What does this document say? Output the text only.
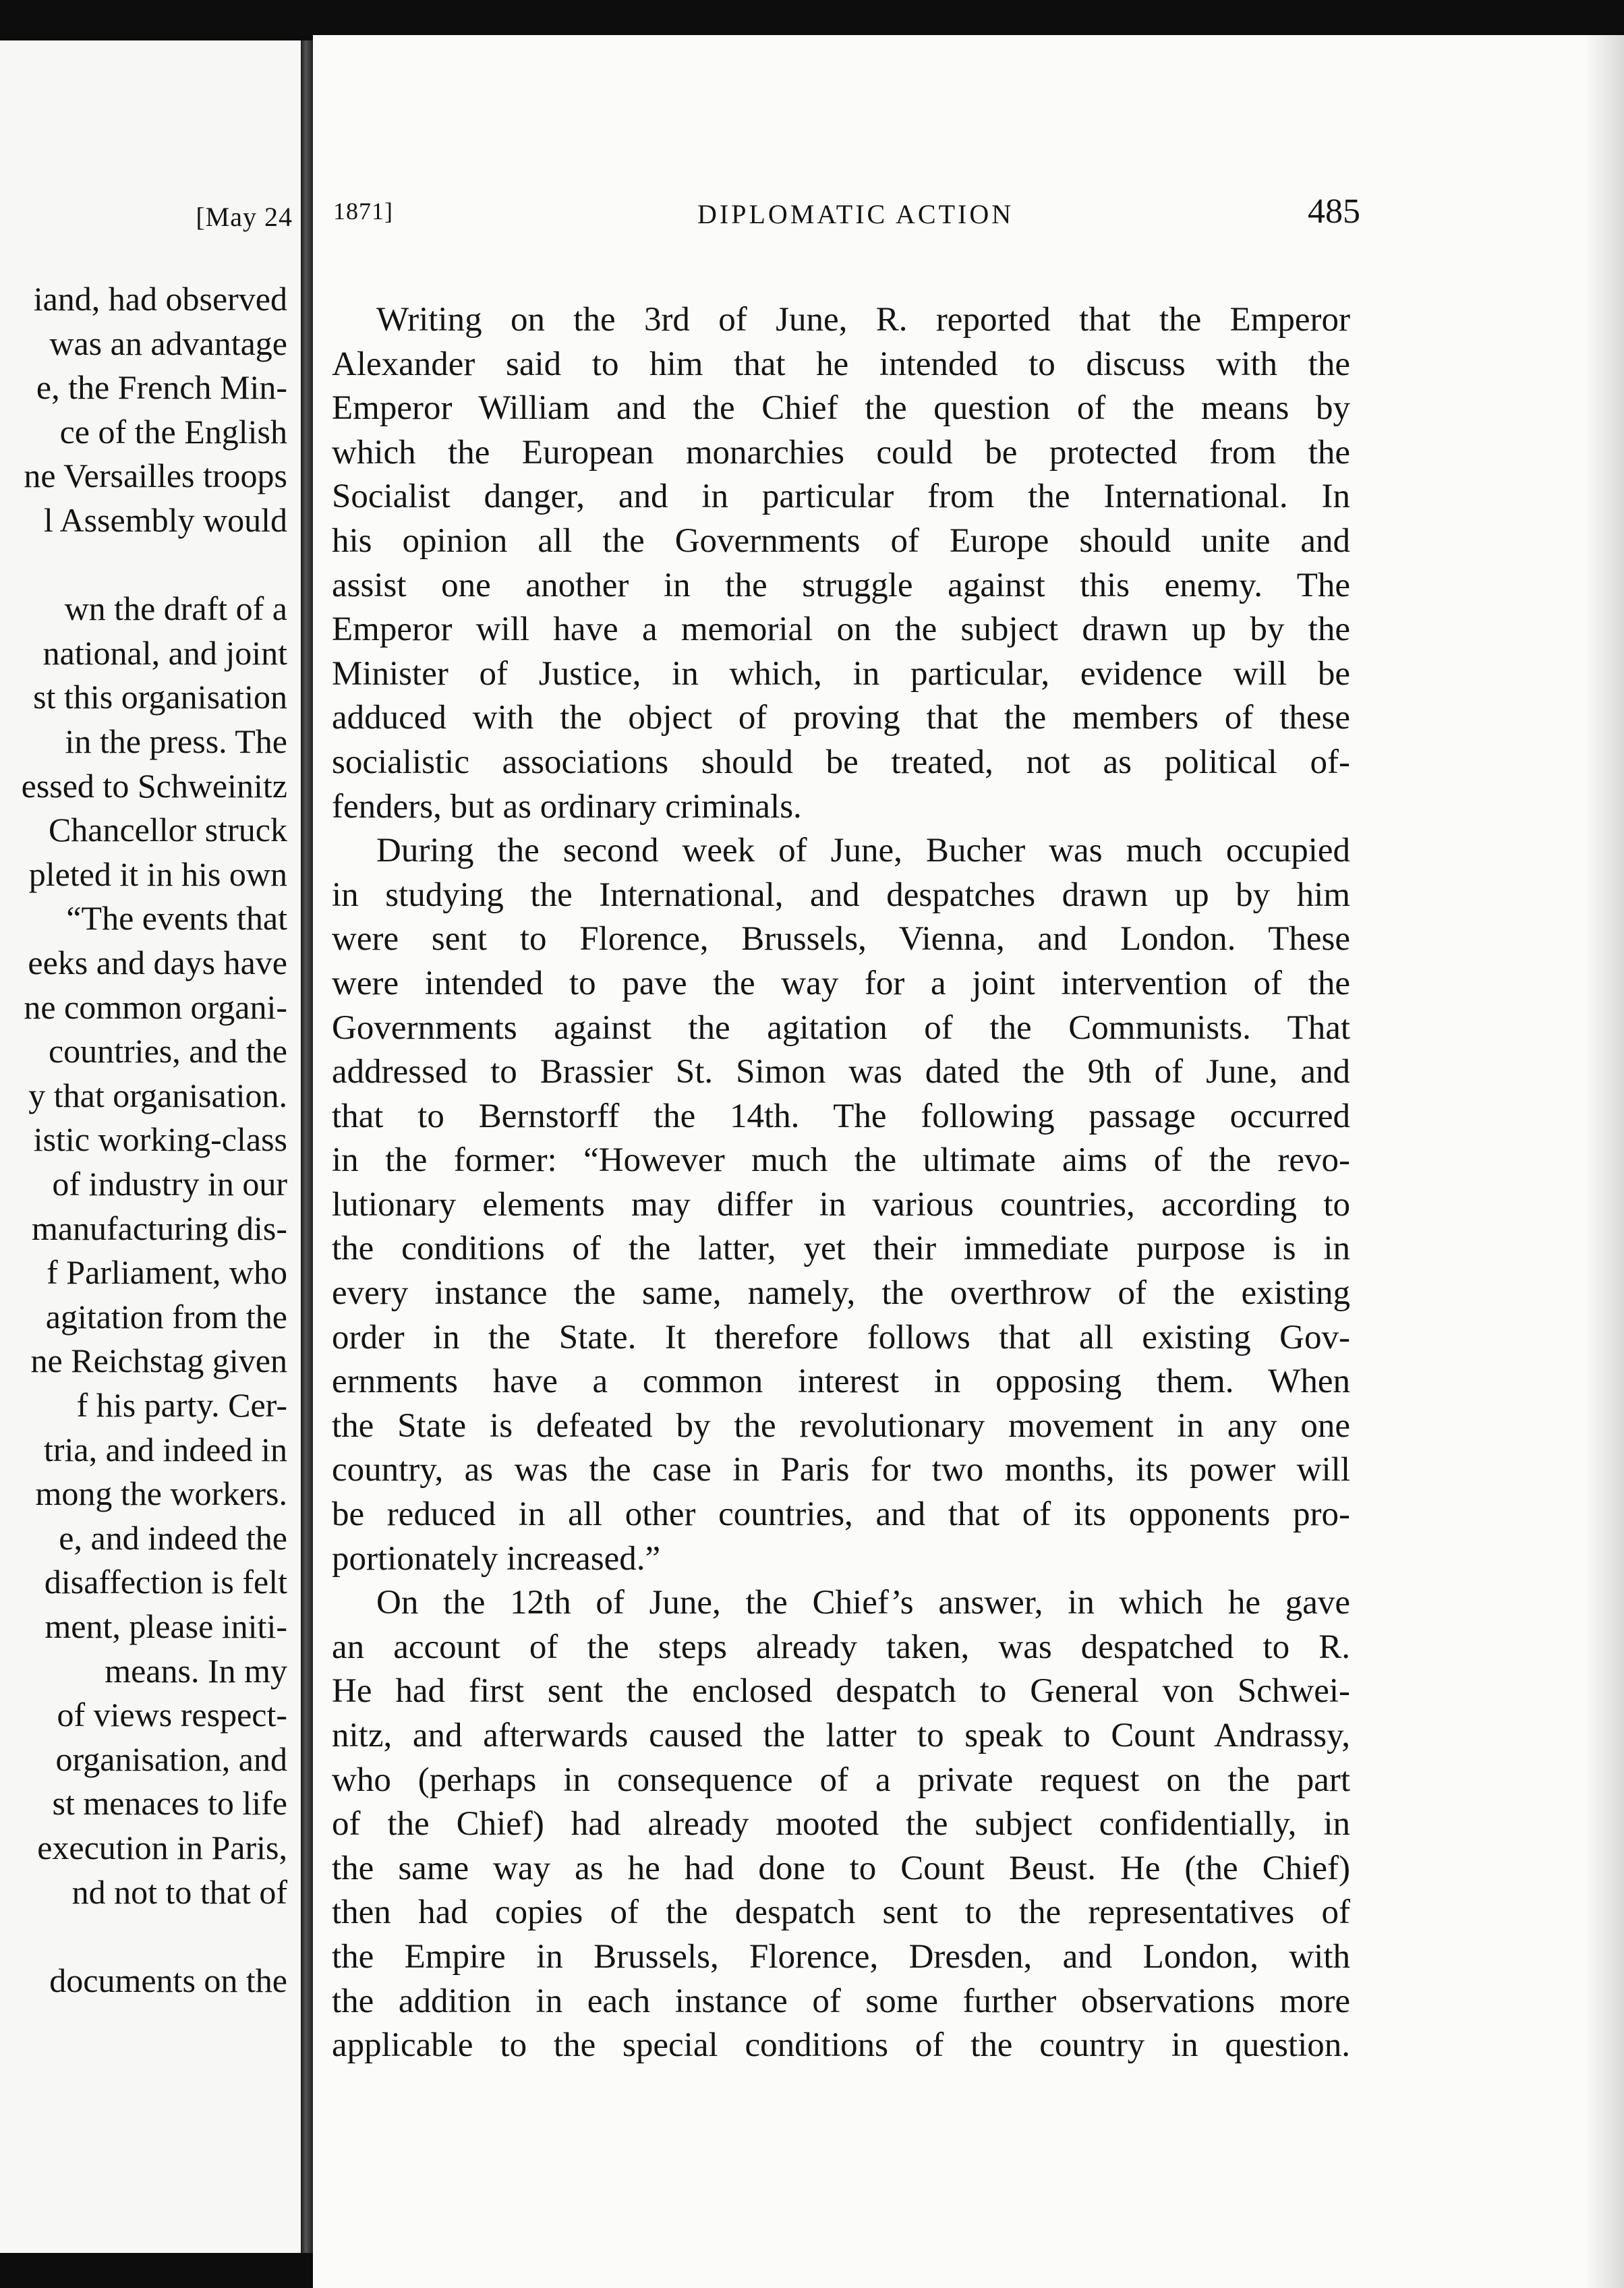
[May 24
iand, had observed
was an advantage
e, the French Min-
ce of the English
ne Versailles troops
l Assembly would
wn the draft of a
national, and joint
st this organisation
in the press. The
essed to Schweinitz
Chancellor struck
pleted it in his own
“The events that
eeks and days have
ne common organi-
countries, and the
y that organisation.
istic working-class
of industry in our
manufacturing dis-
f Parliament, who
agitation from the
ne Reichstag given
f his party. Cer-
tria, and indeed in
mong the workers.
e, and indeed the
disaffection is felt
ment, please initi-
means. In my
of views respect-
organisation, and
st menaces to life
execution in Paris,
nd not to that of
documents on the
1871]	DIPLOMATIC ACTION	485
Writing on the 3rd of June, R. reported that the Emperor
Alexander said to him that he intended to discuss with the
Emperor William and the Chief the question of the means by
which the European monarchies could be protected from the
Socialist danger, and in particular from the International. In
his opinion all the Governments of Europe should unite and
assist one another in the struggle against this enemy. The
Emperor will have a memorial on the subject drawn up by the
Minister of Justice, in which, in particular, evidence will be
adduced with the object of proving that the members of these
socialistic associations should be treated, not as political of-
fenders, but as ordinary criminals.
During the second week of June, Bucher was much occupied
in studying the International, and despatches drawn up by him
were sent to Florence, Brussels, Vienna, and London. These
were intended to pave the way for a joint intervention of the
Governments against the agitation of the Communists. That
addressed to Brassier St. Simon was dated the 9th of June, and
that to Bernstorff the 14th. The following passage occurred
in the former: “However much the ultimate aims of the revo-
lutionary elements may differ in various countries, according to
the conditions of the latter, yet their immediate purpose is in
every instance the same, namely, the overthrow of the existing
order in the State. It therefore follows that all existing Gov-
ernments have a common interest in opposing them. When
the State is defeated by the revolutionary movement in any one
country, as was the case in Paris for two months, its power will
be reduced in all other countries, and that of its opponents pro-
portionately increased.”
On the 12th of June, the Chief’s answer, in which he gave
an account of the steps already taken, was despatched to R.
He had first sent the enclosed despatch to General von Schwei-
nitz, and afterwards caused the latter to speak to Count Andrassy,
who (perhaps in consequence of a private request on the part
of the Chief) had already mooted the subject confidentially, in
the same way as he had done to Count Beust. He (the Chief)
then had copies of the despatch sent to the representatives of
the Empire in Brussels, Florence, Dresden, and London, with
the addition in each instance of some further observations more
applicable to the special conditions of the country in question.
